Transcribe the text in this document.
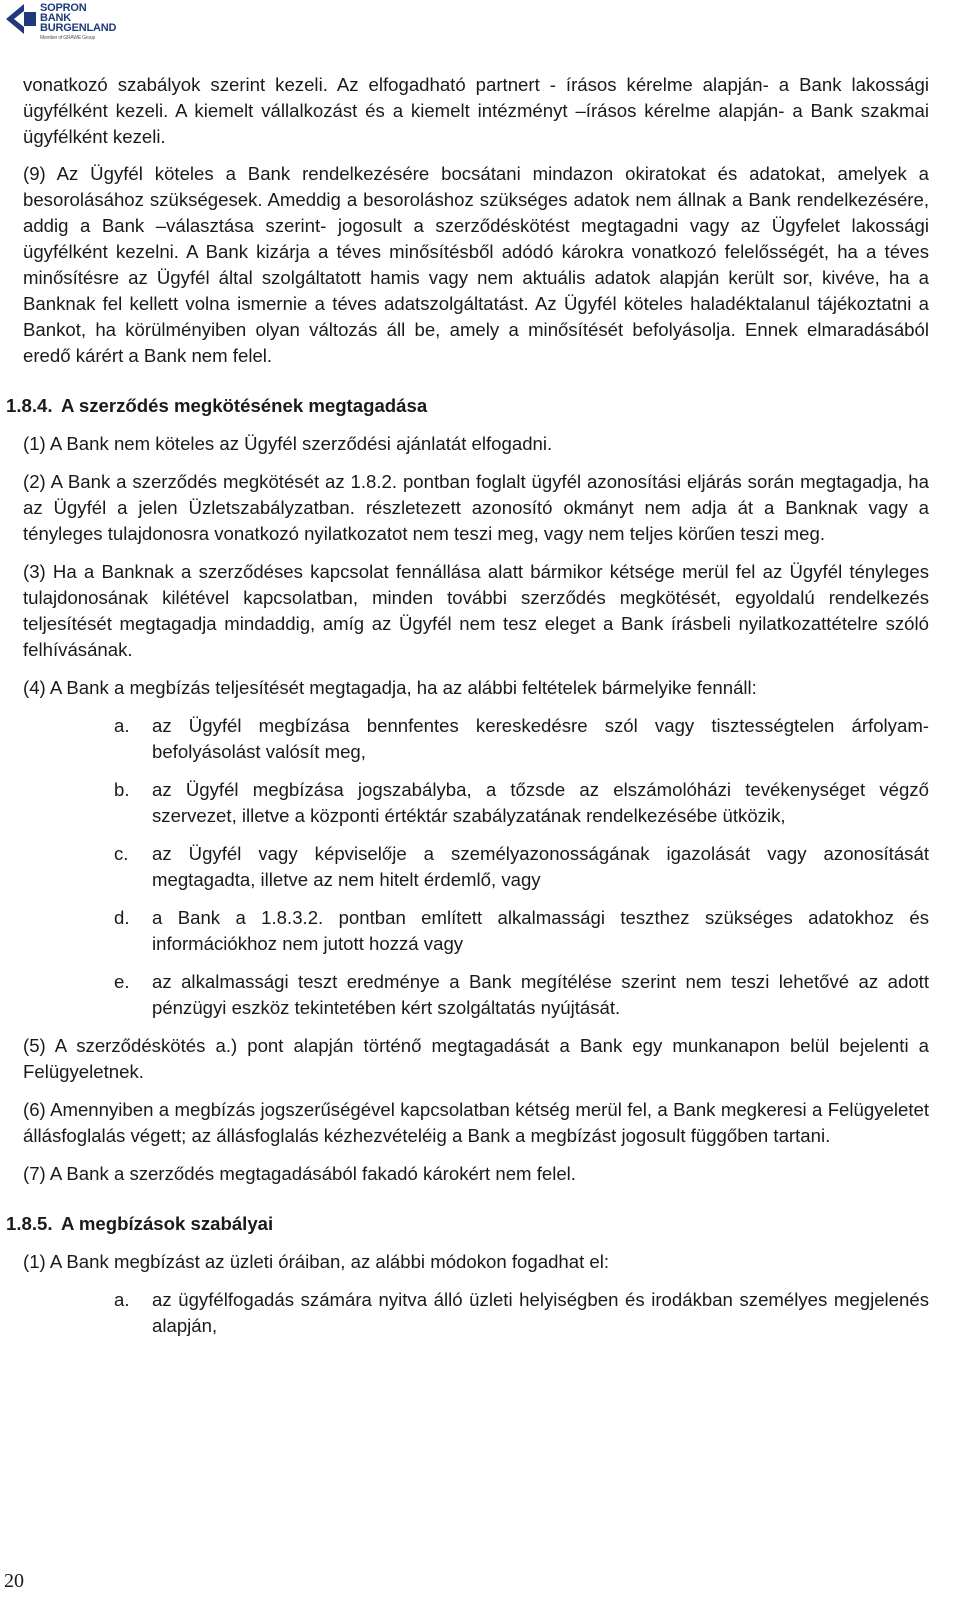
SOPRON
BANK
BURGENLAND
Member of GRAWE Group

vonatkozó szabályok szerint kezeli. Az elfogadható partnert - írásos kérelme alapján- a Bank lakossági ügyfélként kezeli. A kiemelt vállalkozást és a kiemelt intézményt –írásos kérelme alapján- a Bank szakmai ügyfélként kezeli.

(9) Az Ügyfél köteles a Bank rendelkezésére bocsátani mindazon okiratokat és adatokat, amelyek a besorolásához szükségesek. Ameddig a besoroláshoz szükséges adatok nem állnak a Bank rendelkezésére, addig a Bank –választása szerint- jogosult a szerződéskötést megtagadni vagy az Ügyfelet lakossági ügyfélként kezelni. A Bank kizárja a téves minősítésből adódó károkra vonatkozó felelősségét, ha a téves minősítésre az Ügyfél által szolgáltatott hamis vagy nem aktuális adatok alapján került sor, kivéve, ha a Banknak fel kellett volna ismernie a téves adatszolgáltatást. Az Ügyfél köteles haladéktalanul tájékoztatni a Bankot, ha körülményiben olyan változás áll be, amely a minősítését befolyásolja. Ennek elmaradásából eredő kárért a Bank nem felel.

1.8.4. A szerződés megkötésének megtagadása

(1) A Bank nem köteles az Ügyfél szerződési ajánlatát elfogadni.

(2) A Bank a szerződés megkötését az 1.8.2. pontban foglalt ügyfél azonosítási eljárás során megtagadja, ha az Ügyfél a jelen Üzletszabályzatban. részletezett azonosító okmányt nem adja át a Banknak vagy a tényleges tulajdonosra vonatkozó nyilatkozatot nem teszi meg, vagy nem teljes körűen teszi meg.

(3) Ha a Banknak a szerződéses kapcsolat fennállása alatt bármikor kétsége merül fel az Ügyfél tényleges tulajdonosának kilétével kapcsolatban, minden további szerződés megkötését, egyoldalú rendelkezés teljesítését megtagadja mindaddig, amíg az Ügyfél nem tesz eleget a Bank írásbeli nyilatkozattételre szóló felhívásának.

(4) A Bank a megbízás teljesítését megtagadja, ha az alábbi feltételek bármelyike fennáll:

a. az Ügyfél megbízása bennfentes kereskedésre szól vagy tisztességtelen árfolyam-befolyásolást valósít meg,
b. az Ügyfél megbízása jogszabályba, a tőzsde az elszámolóházi tevékenységet végző szervezet, illetve a központi értéktár szabályzatának rendelkezésébe ütközik,
c. az Ügyfél vagy képviselője a személyazonosságának igazolását vagy azonosítását megtagadta, illetve az nem hitelt érdemlő, vagy
d. a Bank a 1.8.3.2. pontban említett alkalmassági teszthez szükséges adatokhoz és információkhoz nem jutott hozzá vagy
e. az alkalmassági teszt eredménye a Bank megítélése szerint nem teszi lehetővé az adott pénzügyi eszköz tekintetében kért szolgáltatás nyújtását.

(5) A szerződéskötés a.) pont alapján történő megtagadását a Bank egy munkanapon belül bejelenti a Felügyeletnek.

(6) Amennyiben a megbízás jogszerűségével kapcsolatban kétség merül fel, a Bank megkeresi a Felügyeletet állásfoglalás végett; az állásfoglalás kézhezvételéig a Bank a megbízást jogosult függőben tartani.

(7) A Bank a szerződés megtagadásából fakadó károkért nem felel.

1.8.5. A megbízások szabályai

(1) A Bank megbízást az üzleti óráiban, az alábbi módokon fogadhat el:

a. az ügyfélfogadás számára nyitva álló üzleti helyiségben és irodákban személyes megjelenés alapján,
20
